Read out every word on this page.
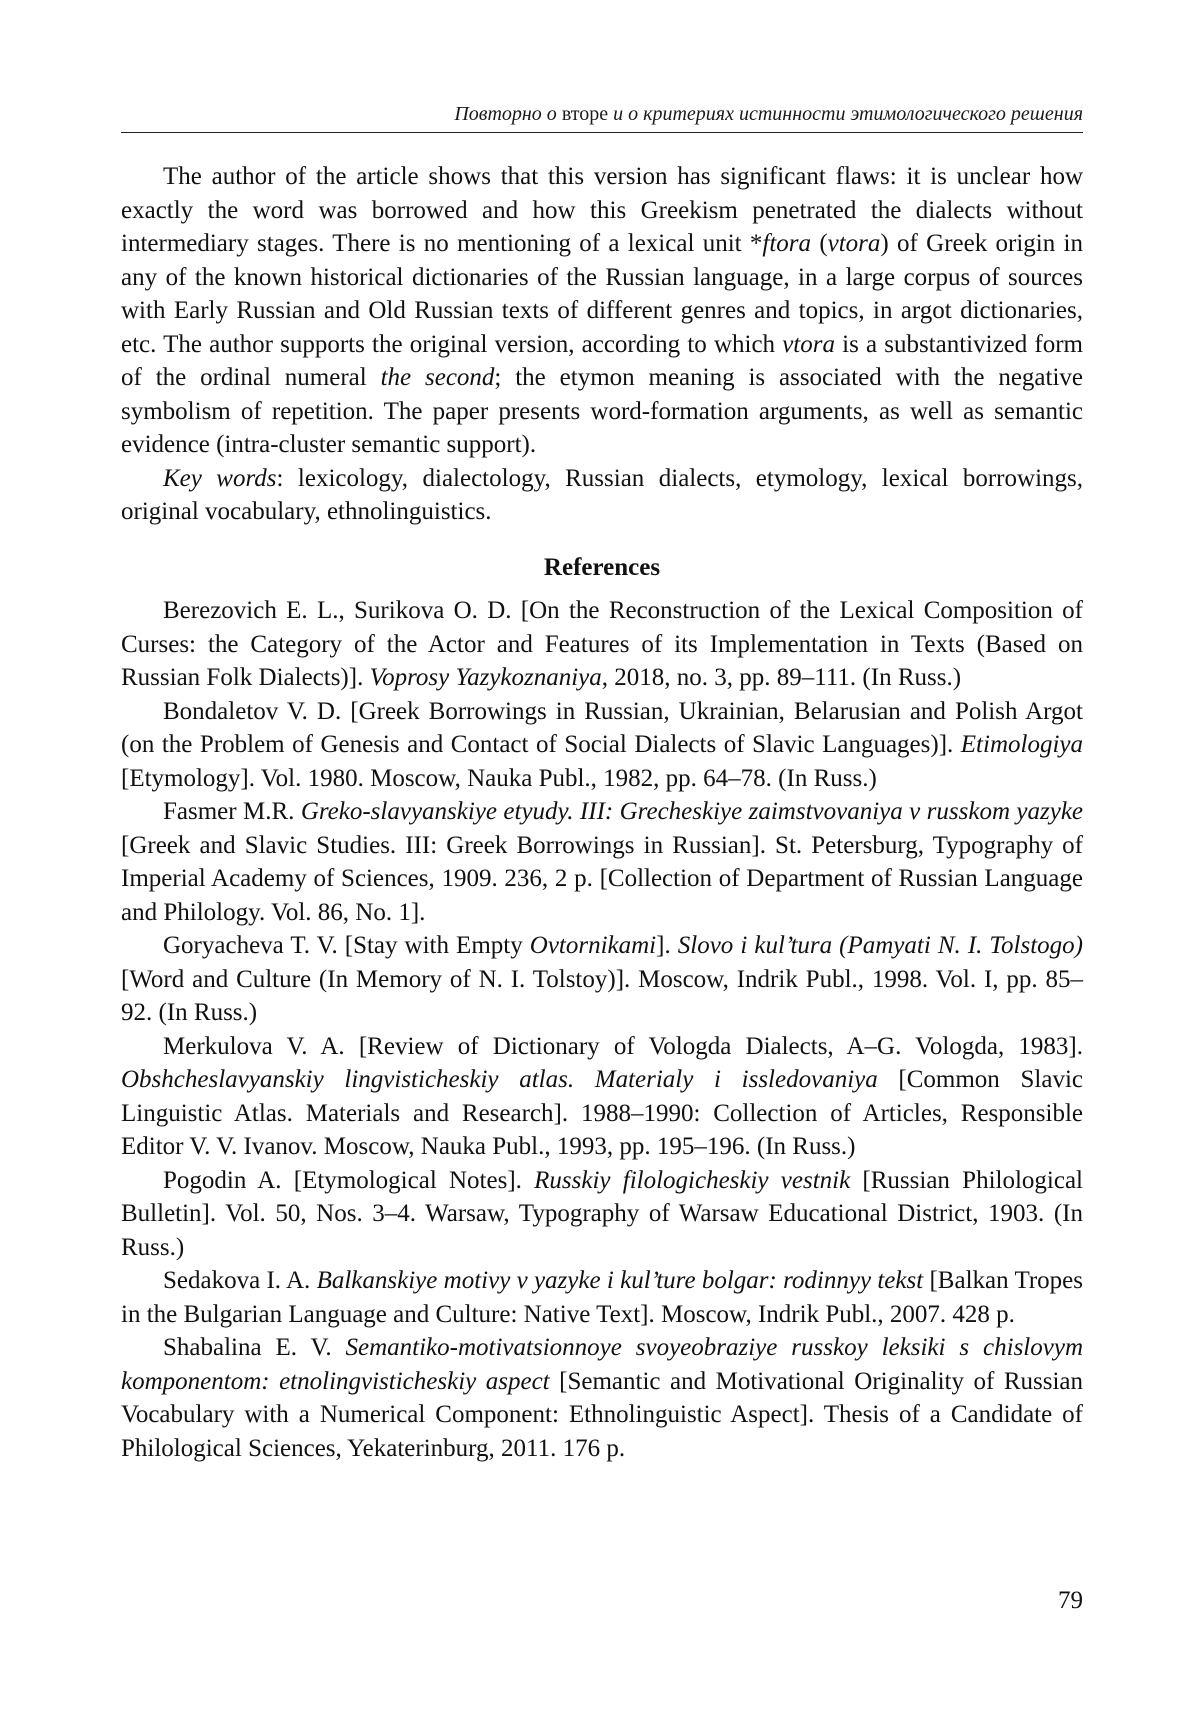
Повторно о вторе и о критериях истинности этимологического решения

The author of the article shows that this version has significant flaws: it is unclear how exactly the word was borrowed and how this Greekism penetrated the dialects without intermediary stages. There is no mentioning of a lexical unit *ftora (vtora) of Greek origin in any of the known historical dictionaries of the Russian language, in a large corpus of sources with Early Russian and Old Russian texts of different genres and topics, in argot dictionaries, etc. The author supports the original version, according to which vtora is a substantivized form of the ordinal numeral the second; the etymon meaning is associated with the negative symbolism of repetition. The paper presents word-formation arguments, as well as semantic evidence (intra-cluster semantic support).

Key words: lexicology, dialectology, Russian dialects, etymology, lexical borrowings, original vocabulary, ethnolinguistics.

References

Berezovich E. L., Surikova O. D. [On the Reconstruction of the Lexical Composition of Curses: the Category of the Actor and Features of its Implementation in Texts (Based on Russian Folk Dialects)]. Voprosy Yazykoznaniya, 2018, no. 3, pp. 89–111. (In Russ.)

Bondaletov V. D. [Greek Borrowings in Russian, Ukrainian, Belarusian and Polish Argot (on the Problem of Genesis and Contact of Social Dialects of Slavic Languages)]. Etimologiya [Etymology]. Vol. 1980. Moscow, Nauka Publ., 1982, pp. 64–78. (In Russ.)

Fasmer M.R. Greko-slavyanskiye etyudy. III: Grecheskiye zaimstvovaniya v russkom yazyke [Greek and Slavic Studies. III: Greek Borrowings in Russian]. St. Petersburg, Typography of Imperial Academy of Sciences, 1909. 236, 2 p. [Collection of Department of Russian Language and Philology. Vol. 86, No. 1].

Goryacheva T. V. [Stay with Empty Ovtornikami]. Slovo i kul’tura (Pamyati N. I. Tolstogo) [Word and Culture (In Memory of N. I. Tolstoy)]. Moscow, Indrik Publ., 1998. Vol. I, pp. 85–92. (In Russ.)

Merkulova V. A. [Review of Dictionary of Vologda Dialects, A–G. Vologda, 1983]. Obshcheslavyanskiy lingvisticheskiy atlas. Materialy i issledovaniya [Common Slavic Linguistic Atlas. Materials and Research]. 1988–1990: Collection of Articles, Responsible Editor V. V. Ivanov. Moscow, Nauka Publ., 1993, pp. 195–196. (In Russ.)

Pogodin A. [Etymological Notes]. Russkiy filologicheskiy vestnik [Russian Philological Bulletin]. Vol. 50, Nos. 3–4. Warsaw, Typography of Warsaw Educational District, 1903. (In Russ.)

Sedakova I. A. Balkanskiye motivy v yazyke i kul’ture bolgar: rodinnyy tekst [Balkan Tropes in the Bulgarian Language and Culture: Native Text]. Moscow, Indrik Publ., 2007. 428 p.

Shabalina E. V. Semantiko-motivatsionnoye svoyeobraziye russkoy leksiki s chislovym komponentom: etnolingvisticheskiy aspect [Semantic and Motivational Originality of Russian Vocabulary with a Numerical Component: Ethnolinguistic Aspect]. Thesis of a Candidate of Philological Sciences, Yekaterinburg, 2011. 176 p.

79
